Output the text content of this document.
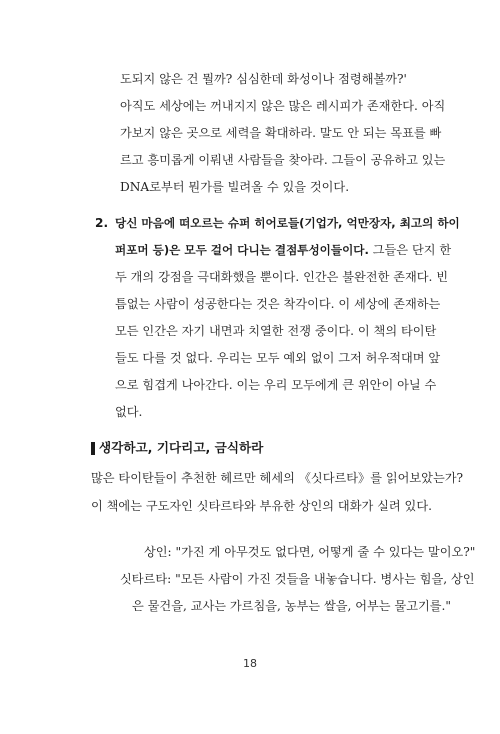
도되지 않은 건 뭘까? 심심한데 화성이나 점령해볼까?'
아직도 세상에는 꺼내지지 않은 많은 레시피가 존재한다. 아직
가보지 않은 곳으로 세력을 확대하라. 말도 안 되는 목표를 빠
르고 흥미롭게 이뤄낸 사람들을 찾아라. 그들이 공유하고 있는
DNA로부터 뭔가를 빌려올 수 있을 것이다.
2. 당신 마음에 떠오르는 슈퍼 히어로들(기업가, 억만장자, 최고의 하이
퍼포머 등)은 모두 걸어 다니는 결점투성이들이다. 그들은 단지 한
두 개의 강점을 극대화했을 뿐이다. 인간은 불완전한 존재다. 빈
틈없는 사람이 성공한다는 것은 착각이다. 이 세상에 존재하는
모든 인간은 자기 내면과 치열한 전쟁 중이다. 이 책의 타이탄
들도 다를 것 없다. 우리는 모두 예외 없이 그저 허우적대며 앞
으로 힘겹게 나아간다. 이는 우리 모두에게 큰 위안이 아닐 수
없다.
생각하고, 기다리고, 금식하라
많은 타이탄들이 추천한 헤르만 헤세의 《싯다르타》를 읽어보았는가?
이 책에는 구도자인 싯타르타와 부유한 상인의 대화가 실려 있다.
상인: "가진 게 아무것도 없다면, 어떻게 줄 수 있다는 말이오?"
싯타르타: "모든 사람이 가진 것들을 내놓습니다. 병사는 힘을, 상인
은 물건을, 교사는 가르침을, 농부는 쌀을, 어부는 물고기를."
18
